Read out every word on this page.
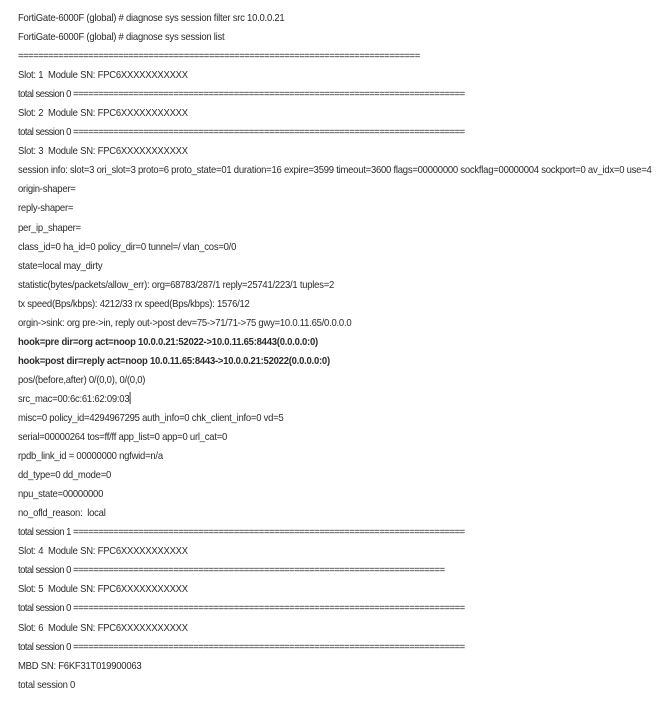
FortiGate-6000F (global) # diagnose sys session filter src 10.0.0.21
FortiGate-6000F (global) # diagnose sys session list
================================================================================
Slot: 1  Module SN: FPC6XXXXXXXXXXX
total session 0 ==============================================================================
Slot: 2  Module SN: FPC6XXXXXXXXXXX
total session 0 ==============================================================================
Slot: 3  Module SN: FPC6XXXXXXXXXXX
session info: slot=3 ori_slot=3 proto=6 proto_state=01 duration=16 expire=3599 timeout=3600 flags=00000000 sockflag=00000004 sockport=0 av_idx=0 use=4
origin-shaper=
reply-shaper=
per_ip_shaper=
class_id=0 ha_id=0 policy_dir=0 tunnel=/ vlan_cos=0/0
state=local may_dirty
statistic(bytes/packets/allow_err): org=68783/287/1 reply=25741/223/1 tuples=2
tx speed(Bps/kbps): 4212/33 rx speed(Bps/kbps): 1576/12
orgin->sink: org pre->in, reply out->post dev=75->71/71->75 gwy=10.0.11.65/0.0.0.0
hook=pre dir=org act=noop 10.0.0.21:52022->10.0.11.65:8443(0.0.0.0:0)
hook=post dir=reply act=noop 10.0.11.65:8443->10.0.0.21:52022(0.0.0.0:0)
pos/(before,after) 0/(0,0), 0/(0,0)
src_mac=00:6c:61:62:09:03
misc=0 policy_id=4294967295 auth_info=0 chk_client_info=0 vd=5
serial=00000264 tos=ff/ff app_list=0 app=0 url_cat=0
rpdb_link_id = 00000000 ngfwid=n/a
dd_type=0 dd_mode=0
npu_state=00000000
no_ofld_reason:  local
total session 1 ==============================================================================
Slot: 4  Module SN: FPC6XXXXXXXXXXX
total session 0 ==========================================================================
Slot: 5  Module SN: FPC6XXXXXXXXXXX
total session 0 ==============================================================================
Slot: 6  Module SN: FPC6XXXXXXXXXXX
total session 0 ==============================================================================
MBD SN: F6KF31T019900063
total session 0
